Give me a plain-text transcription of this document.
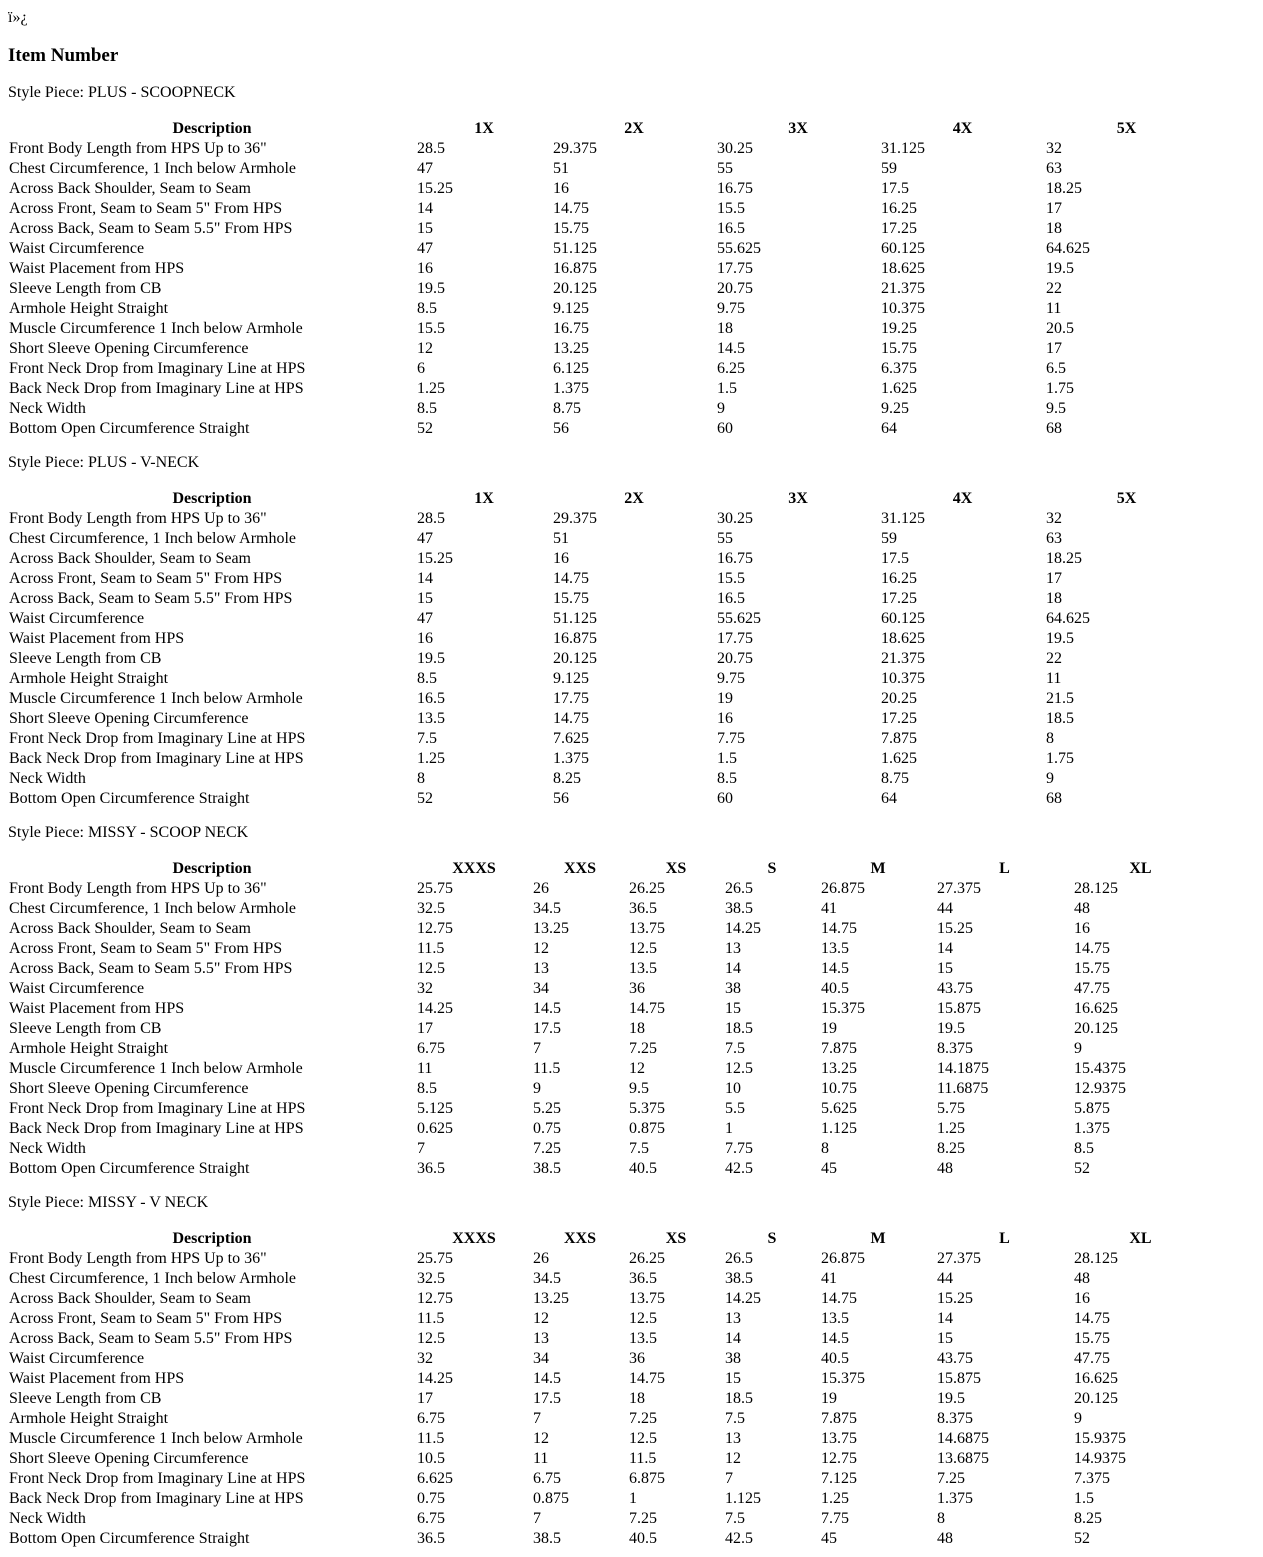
ï»¿
Item Number

Style Piece: PLUS - SCOOPNECK

Description	1X	2X	3X	4X	5X
Front Body Length from HPS Up to 36"	28.5	29.375	30.25	31.125	32
Chest Circumference, 1 Inch below Armhole	47	51	55	59	63
Across Back Shoulder, Seam to Seam	15.25	16	16.75	17.5	18.25
Across Front, Seam to Seam 5" From HPS	14	14.75	15.5	16.25	17
Across Back, Seam to Seam 5.5" From HPS	15	15.75	16.5	17.25	18
Waist Circumference	47	51.125	55.625	60.125	64.625
Waist Placement from HPS	16	16.875	17.75	18.625	19.5
Sleeve Length from CB	19.5	20.125	20.75	21.375	22
Armhole Height Straight	8.5	9.125	9.75	10.375	11
Muscle Circumference 1 Inch below Armhole	15.5	16.75	18	19.25	20.5
Short Sleeve Opening Circumference	12	13.25	14.5	15.75	17
Front Neck Drop from Imaginary Line at HPS	6	6.125	6.25	6.375	6.5
Back Neck Drop from Imaginary Line at HPS	1.25	1.375	1.5	1.625	1.75
Neck Width	8.5	8.75	9	9.25	9.5
Bottom Open Circumference Straight	52	56	60	64	68

Style Piece: PLUS - V-NECK

Description	1X	2X	3X	4X	5X
Front Body Length from HPS Up to 36"	28.5	29.375	30.25	31.125	32
Chest Circumference, 1 Inch below Armhole	47	51	55	59	63
Across Back Shoulder, Seam to Seam	15.25	16	16.75	17.5	18.25
Across Front, Seam to Seam 5" From HPS	14	14.75	15.5	16.25	17
Across Back, Seam to Seam 5.5" From HPS	15	15.75	16.5	17.25	18
Waist Circumference	47	51.125	55.625	60.125	64.625
Waist Placement from HPS	16	16.875	17.75	18.625	19.5
Sleeve Length from CB	19.5	20.125	20.75	21.375	22
Armhole Height Straight	8.5	9.125	9.75	10.375	11
Muscle Circumference 1 Inch below Armhole	16.5	17.75	19	20.25	21.5
Short Sleeve Opening Circumference	13.5	14.75	16	17.25	18.5
Front Neck Drop from Imaginary Line at HPS	7.5	7.625	7.75	7.875	8
Back Neck Drop from Imaginary Line at HPS	1.25	1.375	1.5	1.625	1.75
Neck Width	8	8.25	8.5	8.75	9
Bottom Open Circumference Straight	52	56	60	64	68

Style Piece: MISSY - SCOOP NECK

Description	XXXS	XXS	XS	S	M	L	XL
Front Body Length from HPS Up to 36"	25.75	26	26.25	26.5	26.875	27.375	28.125
Chest Circumference, 1 Inch below Armhole	32.5	34.5	36.5	38.5	41	44	48
Across Back Shoulder, Seam to Seam	12.75	13.25	13.75	14.25	14.75	15.25	16
Across Front, Seam to Seam 5" From HPS	11.5	12	12.5	13	13.5	14	14.75
Across Back, Seam to Seam 5.5" From HPS	12.5	13	13.5	14	14.5	15	15.75
Waist Circumference	32	34	36	38	40.5	43.75	47.75
Waist Placement from HPS	14.25	14.5	14.75	15	15.375	15.875	16.625
Sleeve Length from CB	17	17.5	18	18.5	19	19.5	20.125
Armhole Height Straight	6.75	7	7.25	7.5	7.875	8.375	9
Muscle Circumference 1 Inch below Armhole	11	11.5	12	12.5	13.25	14.1875	15.4375
Short Sleeve Opening Circumference	8.5	9	9.5	10	10.75	11.6875	12.9375
Front Neck Drop from Imaginary Line at HPS	5.125	5.25	5.375	5.5	5.625	5.75	5.875
Back Neck Drop from Imaginary Line at HPS	0.625	0.75	0.875	1	1.125	1.25	1.375
Neck Width	7	7.25	7.5	7.75	8	8.25	8.5
Bottom Open Circumference Straight	36.5	38.5	40.5	42.5	45	48	52

Style Piece: MISSY - V NECK

Description	XXXS	XXS	XS	S	M	L	XL
Front Body Length from HPS Up to 36"	25.75	26	26.25	26.5	26.875	27.375	28.125
Chest Circumference, 1 Inch below Armhole	32.5	34.5	36.5	38.5	41	44	48
Across Back Shoulder, Seam to Seam	12.75	13.25	13.75	14.25	14.75	15.25	16
Across Front, Seam to Seam 5" From HPS	11.5	12	12.5	13	13.5	14	14.75
Across Back, Seam to Seam 5.5" From HPS	12.5	13	13.5	14	14.5	15	15.75
Waist Circumference	32	34	36	38	40.5	43.75	47.75
Waist Placement from HPS	14.25	14.5	14.75	15	15.375	15.875	16.625
Sleeve Length from CB	17	17.5	18	18.5	19	19.5	20.125
Armhole Height Straight	6.75	7	7.25	7.5	7.875	8.375	9
Muscle Circumference 1 Inch below Armhole	11.5	12	12.5	13	13.75	14.6875	15.9375
Short Sleeve Opening Circumference	10.5	11	11.5	12	12.75	13.6875	14.9375
Front Neck Drop from Imaginary Line at HPS	6.625	6.75	6.875	7	7.125	7.25	7.375
Back Neck Drop from Imaginary Line at HPS	0.75	0.875	1	1.125	1.25	1.375	1.5
Neck Width	6.75	7	7.25	7.5	7.75	8	8.25
Bottom Open Circumference Straight	36.5	38.5	40.5	42.5	45	48	52
